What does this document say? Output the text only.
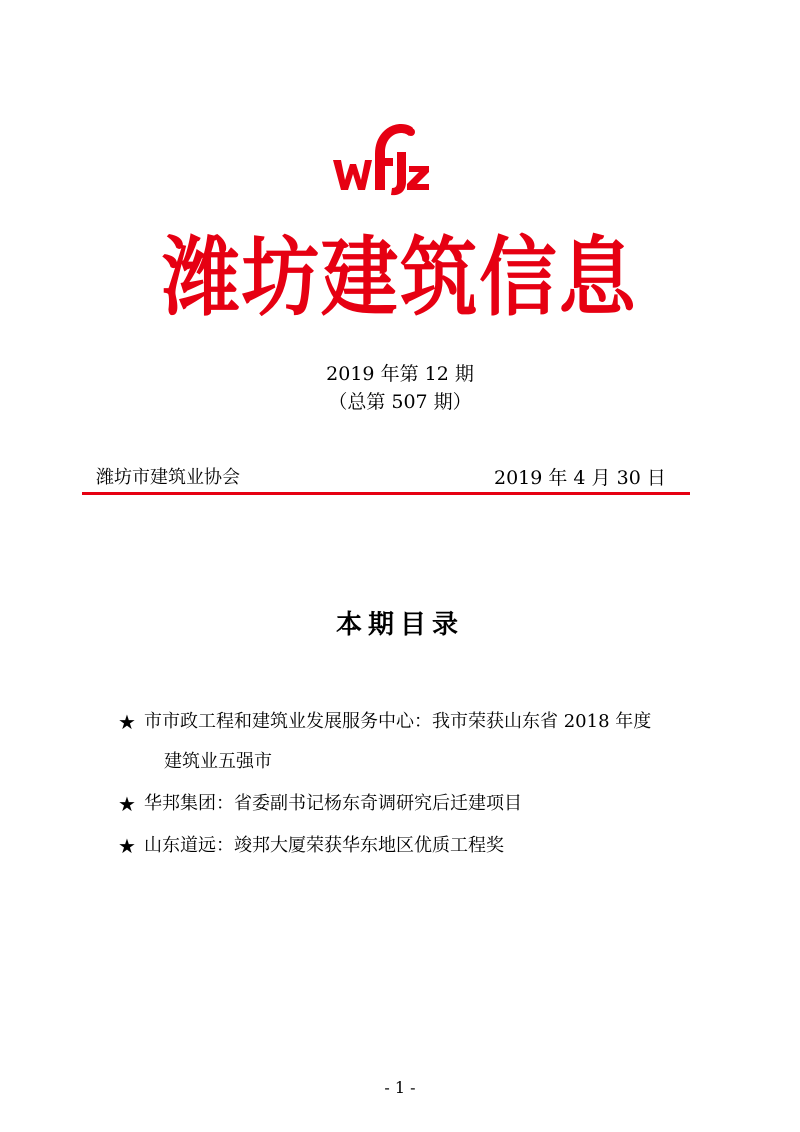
潍坊建筑信息
2019 年第 12 期
（总第 507 期）
潍坊市建筑业协会	2019 年 4 月 30 日
本期目录
★ 市市政工程和建筑业发展服务中心：我市荣获山东省 2018 年度
建筑业五强市
★ 华邦集团：省委副书记杨东奇调研究后迁建项目
★ 山东道远：竣邦大厦荣获华东地区优质工程奖
- 1 -
